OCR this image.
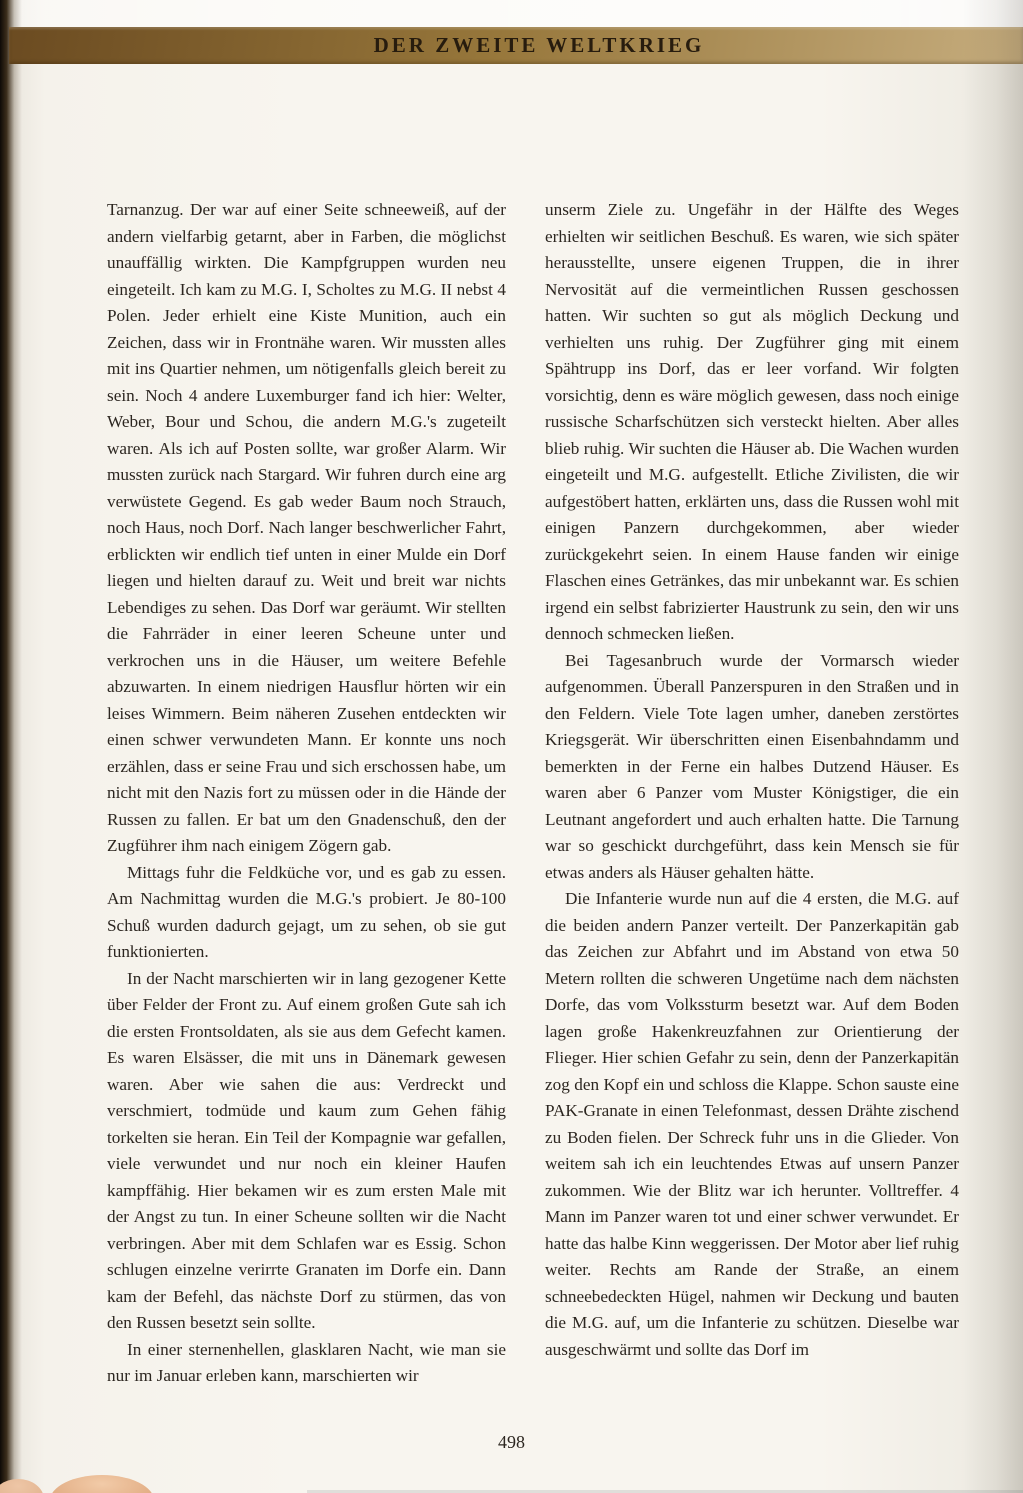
DER ZWEITE WELTKRIEG

Tarnanzug. Der war auf einer Seite schneeweiß, auf der andern vielfarbig getarnt, aber in Farben, die möglichst unauffällig wirkten. Die Kampfgruppen wurden neu eingeteilt. Ich kam zu M.G. I, Scholtes zu M.G. II nebst 4 Polen. Jeder erhielt eine Kiste Munition, auch ein Zeichen, dass wir in Frontnähe waren. Wir mussten alles mit ins Quartier nehmen, um nötigenfalls gleich bereit zu sein. Noch 4 andere Luxemburger fand ich hier: Welter, Weber, Bour und Schou, die andern M.G.'s zugeteilt waren. Als ich auf Posten sollte, war großer Alarm. Wir mussten zurück nach Stargard. Wir fuhren durch eine arg verwüstete Gegend. Es gab weder Baum noch Strauch, noch Haus, noch Dorf. Nach langer beschwerlicher Fahrt, erblickten wir endlich tief unten in einer Mulde ein Dorf liegen und hielten darauf zu. Weit und breit war nichts Lebendiges zu sehen. Das Dorf war geräumt. Wir stellten die Fahrräder in einer leeren Scheune unter und verkrochen uns in die Häuser, um weitere Befehle abzuwarten. In einem niedrigen Hausflur hörten wir ein leises Wimmern. Beim näheren Zusehen entdeckten wir einen schwer verwundeten Mann. Er konnte uns noch erzählen, dass er seine Frau und sich erschossen habe, um nicht mit den Nazis fort zu müssen oder in die Hände der Russen zu fallen. Er bat um den Gnadenschuß, den der Zugführer ihm nach einigem Zögern gab.

Mittags fuhr die Feldküche vor, und es gab zu essen. Am Nachmittag wurden die M.G.'s probiert. Je 80-100 Schuß wurden dadurch gejagt, um zu sehen, ob sie gut funktionierten.

In der Nacht marschierten wir in lang gezogener Kette über Felder der Front zu. Auf einem großen Gute sah ich die ersten Frontsoldaten, als sie aus dem Gefecht kamen. Es waren Elsässer, die mit uns in Dänemark gewesen waren. Aber wie sahen die aus: Verdreckt und verschmiert, todmüde und kaum zum Gehen fähig torkelten sie heran. Ein Teil der Kompagnie war gefallen, viele verwundet und nur noch ein kleiner Haufen kampffähig. Hier bekamen wir es zum ersten Male mit der Angst zu tun. In einer Scheune sollten wir die Nacht verbringen. Aber mit dem Schlafen war es Essig. Schon schlugen einzelne verirrte Granaten im Dorfe ein. Dann kam der Befehl, das nächste Dorf zu stürmen, das von den Russen besetzt sein sollte.

In einer sternenhellen, glasklaren Nacht, wie man sie nur im Januar erleben kann, marschierten wir

unserm Ziele zu. Ungefähr in der Hälfte des Weges erhielten wir seitlichen Beschuß. Es waren, wie sich später herausstellte, unsere eigenen Truppen, die in ihrer Nervosität auf die vermeintlichen Russen geschossen hatten. Wir suchten so gut als möglich Deckung und verhielten uns ruhig. Der Zugführer ging mit einem Spähtrupp ins Dorf, das er leer vorfand. Wir folgten vorsichtig, denn es wäre möglich gewesen, dass noch einige russische Scharfschützen sich versteckt hielten. Aber alles blieb ruhig. Wir suchten die Häuser ab. Die Wachen wurden eingeteilt und M.G. aufgestellt. Etliche Zivilisten, die wir aufgestöbert hatten, erklärten uns, dass die Russen wohl mit einigen Panzern durchgekommen, aber wieder zurückgekehrt seien. In einem Hause fanden wir einige Flaschen eines Getränkes, das mir unbekannt war. Es schien irgend ein selbst fabrizierter Haustrunk zu sein, den wir uns dennoch schmecken ließen.

Bei Tagesanbruch wurde der Vormarsch wieder aufgenommen. Überall Panzerspuren in den Straßen und in den Feldern. Viele Tote lagen umher, daneben zerstörtes Kriegsgerät. Wir überschritten einen Eisenbahndamm und bemerkten in der Ferne ein halbes Dutzend Häuser. Es waren aber 6 Panzer vom Muster Königstiger, die ein Leutnant angefordert und auch erhalten hatte. Die Tarnung war so geschickt durchgeführt, dass kein Mensch sie für etwas anders als Häuser gehalten hätte.

Die Infanterie wurde nun auf die 4 ersten, die M.G. auf die beiden andern Panzer verteilt. Der Panzerkapitän gab das Zeichen zur Abfahrt und im Abstand von etwa 50 Metern rollten die schweren Ungetüme nach dem nächsten Dorfe, das vom Volkssturm besetzt war. Auf dem Boden lagen große Hakenkreuzfahnen zur Orientierung der Flieger. Hier schien Gefahr zu sein, denn der Panzerkapitän zog den Kopf ein und schloss die Klappe. Schon sauste eine PAK-Granate in einen Telefonmast, dessen Drähte zischend zu Boden fielen. Der Schreck fuhr uns in die Glieder. Von weitem sah ich ein leuchtendes Etwas auf unsern Panzer zukommen. Wie der Blitz war ich herunter. Volltreffer. 4 Mann im Panzer waren tot und einer schwer verwundet. Er hatte das halbe Kinn weggerissen. Der Motor aber lief ruhig weiter. Rechts am Rande der Straße, an einem schneebedeckten Hügel, nahmen wir Deckung und bauten die M.G. auf, um die Infanterie zu schützen. Dieselbe war ausgeschwärmt und sollte das Dorf im

498
